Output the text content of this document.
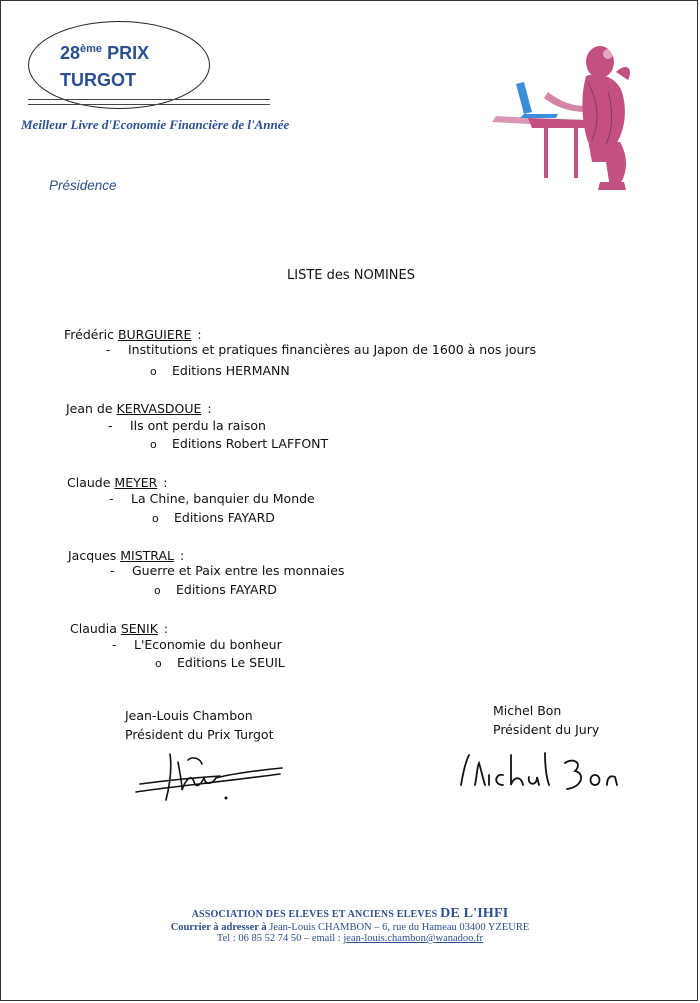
28ème PRIX
TURGOT
Meilleur Livre d'Economie Financière de l'Année
Présidence
LISTE des NOMINES
Frédéric BURGUIERE :
- Institutions et pratiques financières au Japon de 1600 à nos jours
o Editions HERMANN
Jean de KERVASDOUE :
- Ils ont perdu la raison
o Editions Robert LAFFONT
Claude MEYER :
- La Chine, banquier du Monde
o Editions FAYARD
Jacques MISTRAL :
- Guerre et Paix entre les monnaies
o Editions FAYARD
Claudia SENIK :
- L'Economie du bonheur
o Editions Le SEUIL
Jean-Louis Chambon
Président du Prix Turgot
Michel Bon
Président du Jury
ASSOCIATION DES ELEVES ET ANCIENS ELEVES DE L'IHFI
Courrier à adresser à Jean-Louis CHAMBON – 6, rue du Hameau 03400 YZEURE
Tel : 06 85 52 74 50 – email : jean-louis.chambon@wanadoo.fr
